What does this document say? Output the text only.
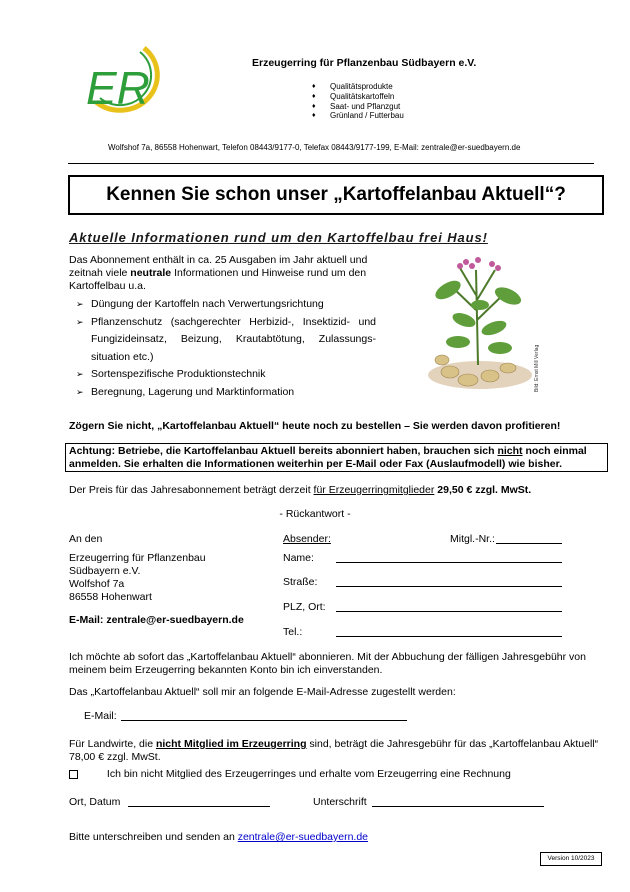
ER	Erzeugerring für Pflanzenbau Südbayern e.V.
♦ Qualitätsprodukte
♦ Qualitätskartoffeln
♦ Saat- und Pflanzgut
♦ Grünland / Futterbau
Wolfshof 7a, 86558 Hohenwart, Telefon 08443/9177-0, Telefax 08443/9177-199, E-Mail: zentrale@er-suedbayern.de
Kennen Sie schon unser „Kartoffelanbau Aktuell“?
Aktuelle Informationen rund um den Kartoffelbau frei Haus!
Das Abonnement enthält in ca. 25 Ausgaben im Jahr aktuell und zeitnah viele neutrale Informationen und Hinweise rund um den Kartoffelbau u.a.
➢ Düngung der Kartoffeln nach Verwertungsrichtung
➢ Pflanzenschutz (sachgerechter Herbizid-, Insektizid- und Fungizideinsatz, Beizung, Krautabtötung, Zulassungs-situation etc.)
➢ Sortenspezifische Produktionstechnik
➢ Beregnung, Lagerung und Marktinformation	Bild: Ernst Mill Verlag
Zögern Sie nicht, „Kartoffelanbau Aktuell“ heute noch zu bestellen – Sie werden davon profitieren!
Achtung: Betriebe, die Kartoffelanbau Aktuell bereits abonniert haben, brauchen sich nicht noch einmal anmelden. Sie erhalten die Informationen weiterhin per E-Mail oder Fax (Auslaufmodell) wie bisher.
Der Preis für das Jahresabonnement beträgt derzeit für Erzeugerringmitglieder 29,50 € zzgl. MwSt.
- Rückantwort -
An den
Erzeugerring für Pflanzenbau
Südbayern e.V.
Wolfshof 7a
86558 Hohenwart
E-Mail: zentrale@er-suedbayern.de
Absender:	Mitgl.-Nr.:
Name:
Straße:
PLZ, Ort:
Tel.:
Ich möchte ab sofort das „Kartoffelanbau Aktuell“ abonnieren. Mit der Abbuchung der fälligen Jahresgebühr von meinem beim Erzeugerring bekannten Konto bin ich einverstanden.
Das „Kartoffelanbau Aktuell“ soll mir an folgende E-Mail-Adresse zugestellt werden:
E-Mail:
Für Landwirte, die nicht Mitglied im Erzeugerring sind, beträgt die Jahresgebühr für das „Kartoffelanbau Aktuell“ 78,00 € zzgl. MwSt.
Ich bin nicht Mitglied des Erzeugerringes und erhalte vom Erzeugerring eine Rechnung
Ort, Datum	Unterschrift
Bitte unterschreiben und senden an zentrale@er-suedbayern.de
Version 10/2023
